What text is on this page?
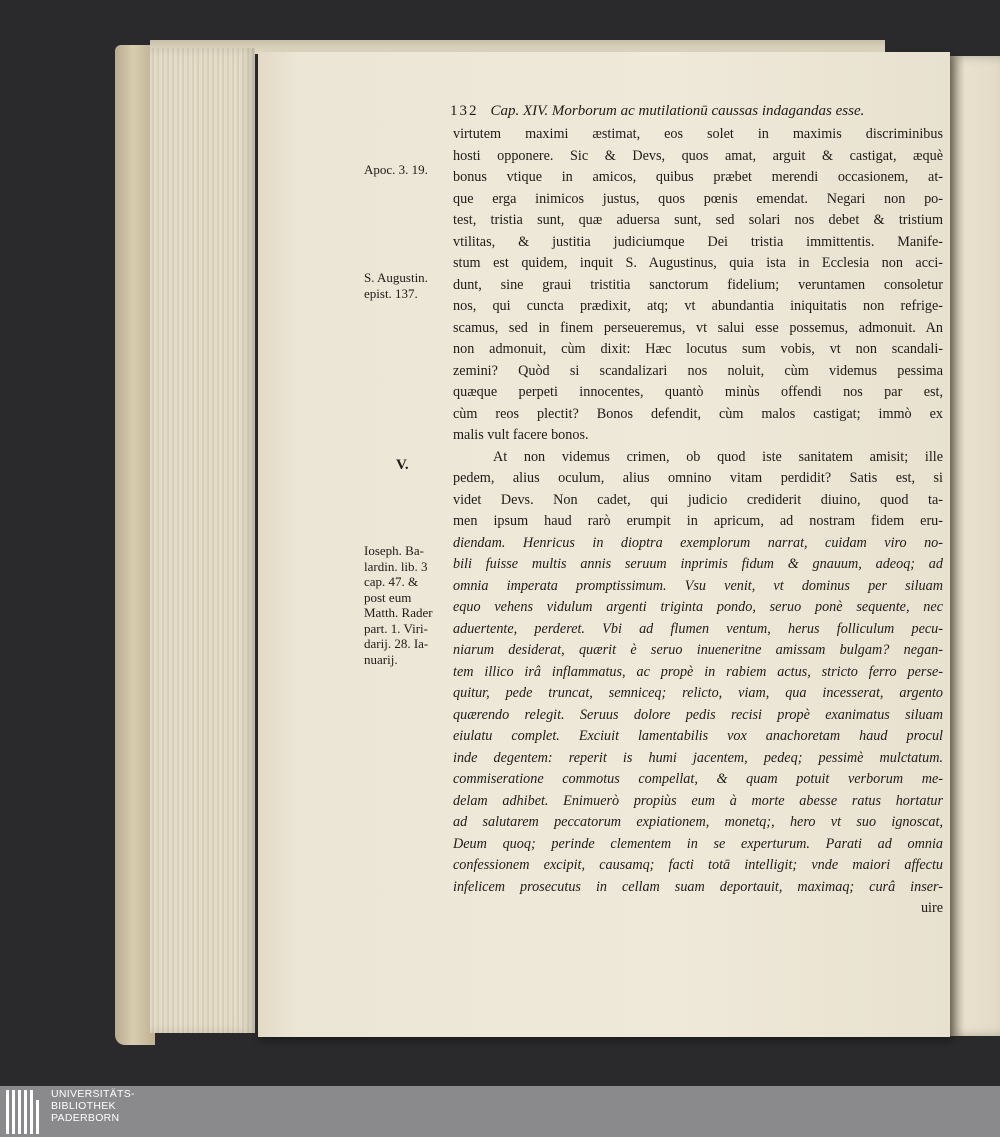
132 Cap. XIV. Morborum ac mutilationū caussas indagandas esse.
Apoc. 3. 19.
S. Augustin.
epist. 137.
V.
Ioseph. Ba-
lardin. lib. 3
cap. 47. &
post eum
Matth. Rader
part. 1. Viri-
darij. 28. Ia-
nuarij.
virtutem maximi æstimat, eos solet in maximis discriminibus
hosti opponere. Sic & Devs, quos amat, arguit & castigat, æquè
bonus vtique in amicos, quibus præbet merendi occasionem, at-
que erga inimicos justus, quos pœnis emendat. Negari non po-
test, tristia sunt, quæ aduersa sunt, sed solari nos debet & tristium
vtilitas, & justitia judiciumque Dei tristia immittentis. Manife-
stum est quidem, inquit S. Augustinus, quia ista in Ecclesia non acci-
dunt, sine graui tristitia sanctorum fidelium; veruntamen consoletur
nos, qui cuncta prædixit, atq; vt abundantia iniquitatis non refrige-
scamus, sed in finem perseueremus, vt salui esse possemus, admonuit. An
non admonuit, cùm dixit: Hæc locutus sum vobis, vt non scandali-
zemini? Quòd si scandalizari nos noluit, cùm videmus pessima
quæque perpeti innocentes, quantò minùs offendi nos par est,
cùm reos plectit? Bonos defendit, cùm malos castigat; immò ex
malis vult facere bonos.
At non videmus crimen, ob quod iste sanitatem amisit; ille
pedem, alius oculum, alius omnino vitam perdidit? Satis est, si
videt Devs. Non cadet, qui judicio crediderit diuino, quod ta-
men ipsum haud rarò erumpit in apricum, ad nostram fidem eru-
diendam. Henricus in dioptra exemplorum narrat, cuidam viro no-
bili fuisse multis annis seruum inprimis fidum & gnauum, adeoq; ad
omnia imperata promptissimum. Vsu venit, vt dominus per siluam
equo vehens vidulum argenti triginta pondo, seruo ponè sequente, nec
aduertente, perderet. Vbi ad flumen ventum, herus folliculum pecu-
niarum desiderat, quærit è seruo inueneritne amissam bulgam? negan-
tem illico irâ inflammatus, ac propè in rabiem actus, stricto ferro perse-
quitur, pede truncat, semniceq; relicto, viam, qua incesserat, argento
quærendo relegit. Seruus dolore pedis recisi propè exanimatus siluam
eiulatu complet. Exciuit lamentabilis vox anachoretam haud procul
inde degentem: reperit is humi jacentem, pedeq; pessimè mulctatum.
commiseratione commotus compellat, & quam potuit verborum me-
delam adhibet. Enimuerò propiùs eum à morte abesse ratus hortatur
ad salutarem peccatorum expiationem, monetq;, hero vt suo ignoscat,
Deum quoq; perinde clementem in se experturum. Parati ad omnia
confessionem excipit, causamq; facti totā intelligit; vnde maiori affectu
infelicem prosecutus in cellam suam deportauit, maximaq; curâ inser-
uire
UNIVERSITÄTS-
BIBLIOTHEK
PADERBORN
